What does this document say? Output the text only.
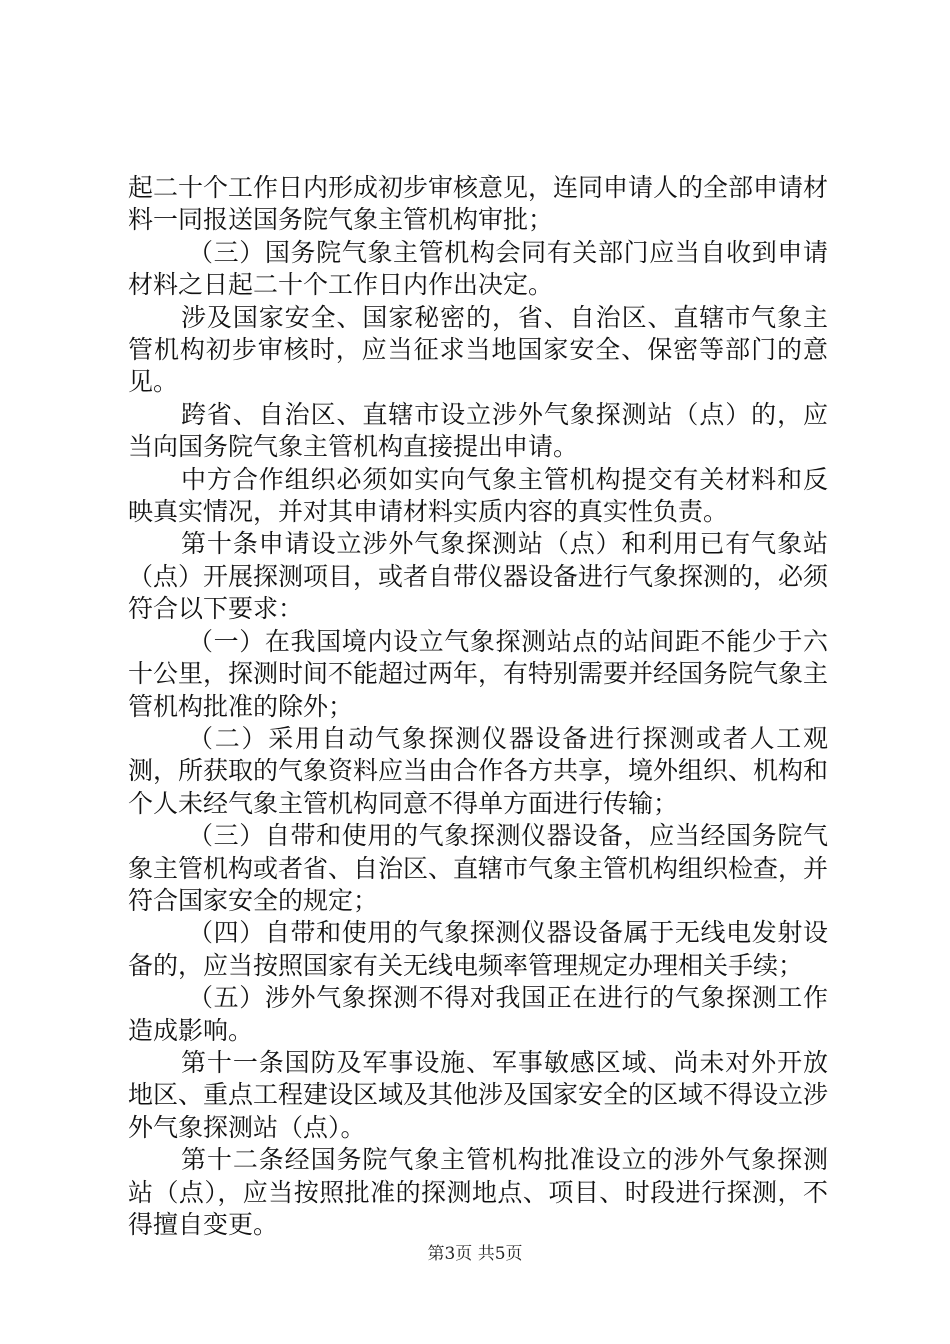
起二十个工作日内形成初步审核意见，连同申请人的全部申请材料一同报送国务院气象主管机构审批；

（三）国务院气象主管机构会同有关部门应当自收到申请材料之日起二十个工作日内作出决定。

涉及国家安全、国家秘密的，省、自治区、直辖市气象主管机构初步审核时，应当征求当地国家安全、保密等部门的意见。

跨省、自治区、直辖市设立涉外气象探测站（点）的，应当向国务院气象主管机构直接提出申请。

中方合作组织必须如实向气象主管机构提交有关材料和反映真实情况，并对其申请材料实质内容的真实性负责。

第十条申请设立涉外气象探测站（点）和利用已有气象站（点）开展探测项目，或者自带仪器设备进行气象探测的，必须符合以下要求：

（一）在我国境内设立气象探测站点的站间距不能少于六十公里，探测时间不能超过两年，有特别需要并经国务院气象主管机构批准的除外；

（二）采用自动气象探测仪器设备进行探测或者人工观测，所获取的气象资料应当由合作各方共享，境外组织、机构和个人未经气象主管机构同意不得单方面进行传输；

（三）自带和使用的气象探测仪器设备，应当经国务院气象主管机构或者省、自治区、直辖市气象主管机构组织检查，并符合国家安全的规定；

（四）自带和使用的气象探测仪器设备属于无线电发射设备的，应当按照国家有关无线电频率管理规定办理相关手续；

（五）涉外气象探测不得对我国正在进行的气象探测工作造成影响。

第十一条国防及军事设施、军事敏感区域、尚未对外开放地区、重点工程建设区域及其他涉及国家安全的区域不得设立涉外气象探测站（点）。

第十二条经国务院气象主管机构批准设立的涉外气象探测站（点），应当按照批准的探测地点、项目、时段进行探测，不得擅自变更。

第3页 共5页
